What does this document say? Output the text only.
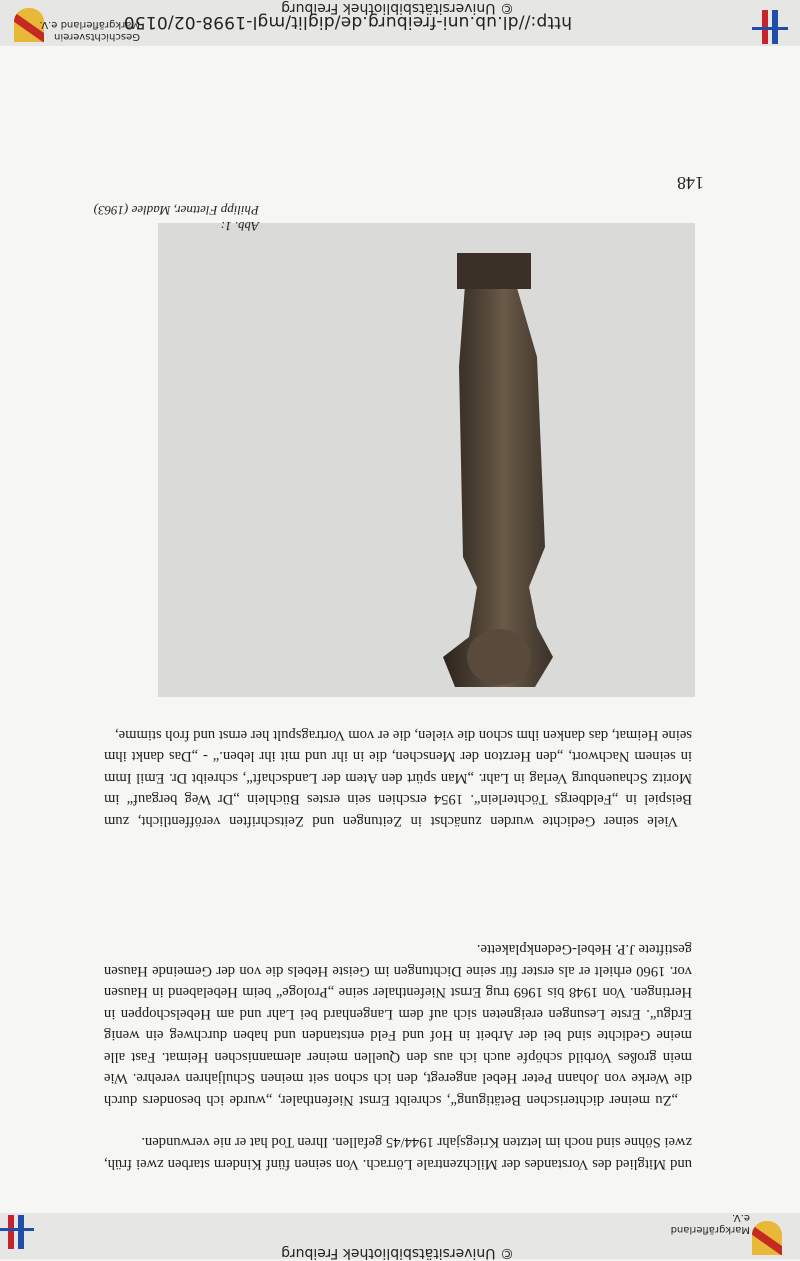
© Universitätsbibliothek Freiburg
Markgräflerland e.V.

und Mitglied des Vorstandes der Milchzentrale Lörrach. Von seinen fünf Kindern starben zwei früh, zwei Söhne sind noch im letzten Kriegsjahr 1944/45 gefallen. Ihren Tod hat er nie verwunden.

„Zu meiner dichterischen Betätigung“, schreibt Ernst Niefenthaler, „wurde ich besonders durch die Werke von Johann Peter Hebel angeregt, den ich schon seit meinen Schuljahren verehre. Wie mein großes Vorbild schöpfe auch ich aus den Quellen meiner alemannischen Heimat. Fast alle meine Gedichte sind bei der Arbeit in Hof und Feld entstanden und haben durchweg ein wenig Erdgu“. Erste Lesungen ereigneten sich auf dem Langenhard bei Lahr und am Hebelschoppen in Hertingen. Von 1948 bis 1969 trug Ernst Niefenthaler seine „Prologe“ beim Hebelabend in Hausen vor. 1960 erhielt er als erster für seine Dichtungen im Geiste Hebels die von der Gemeinde Hausen gestiftete J.P. Hebel-Gedenkplakette.

Abb. 1:
Philipp Flettner, Madlee (1963)

Viele seiner Gedichte wurden zunächst in Zeitungen und Zeitschriften veröffentlicht, zum Beispiel in „Feldbergs Töchterlein“. 1954 erschien sein erstes Büchlein „Dr Weg bergauf“ im Moritz Schauenburg Verlag in Lahr. „Man spürt den Atem der Landschaft“, schreibt Dr. Emil Imm in seinem Nachwort, „den Herzton der Menschen, die in ihr und mit ihr leben.“ - „Das dankt ihm seine Heimat, das danken ihm schon die vielen, die er vom Vortragspult her ernst und froh stimme,

148
http://dl.ub.uni-freiburg.de/diglit/mgl-1998-02/0150
© Universitätsbibliothek Freiburg
Geschichtsverein
Markgräflerland e.V.
